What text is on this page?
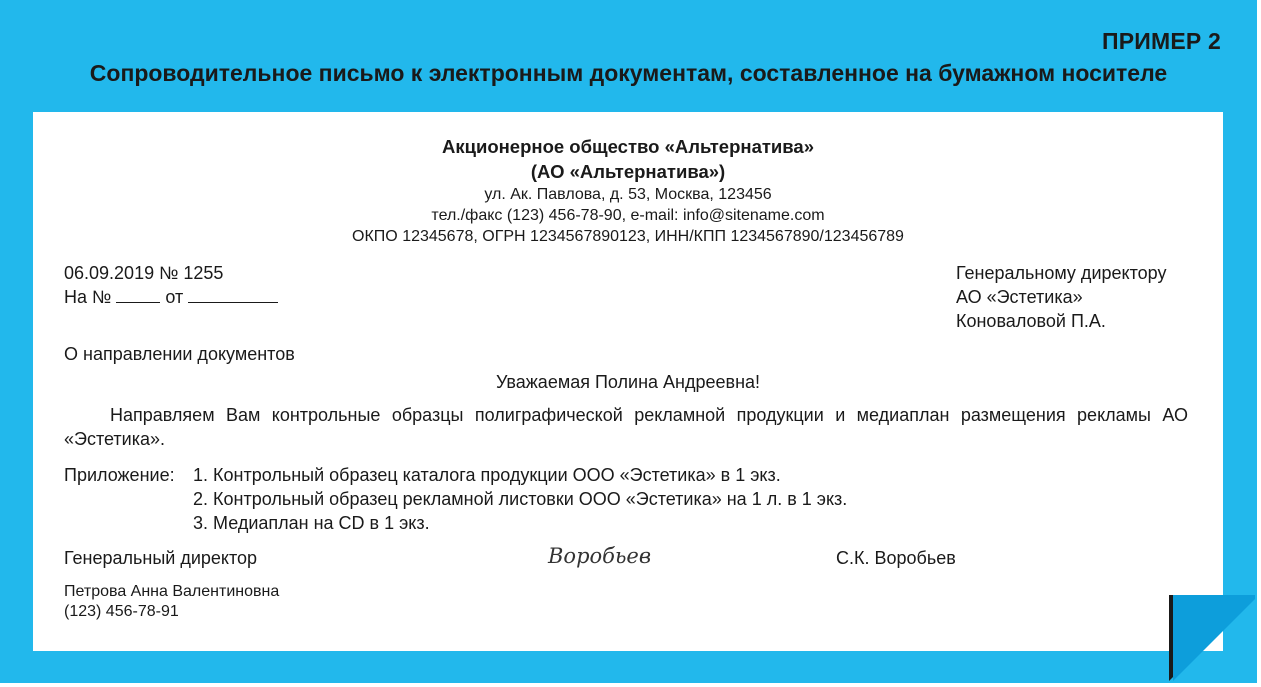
ПРИМЕР 2
Сопроводительное письмо к электронным документам, составленное на бумажном носителе
Акционерное общество «Альтернатива»
(АО «Альтернатива»)
ул. Ак. Павлова, д. 53, Москва, 123456
тел./факс (123) 456-78-90, e-mail: info@sitename.com
ОКПО 12345678, ОГРН 1234567890123, ИНН/КПП 1234567890/123456789
06.09.2019 № 1255
На №	от
Генеральному директору
АО «Эстетика»
Коноваловой П.А.
О направлении документов
Уважаемая Полина Андреевна!
Направляем Вам контрольные образцы полиграфической рекламной продукции и медиаплан размещения рекламы АО «Эстетика».
Приложение: 1. Контрольный образец каталога продукции ООО «Эстетика» в 1 экз.
2. Контрольный образец рекламной листовки ООО «Эстетика» на 1 л. в 1 экз.
3. Медиаплан на CD в 1 экз.
Генеральный директор	Воробьев	С.К. Воробьев
Петрова Анна Валентиновна
(123) 456-78-91
